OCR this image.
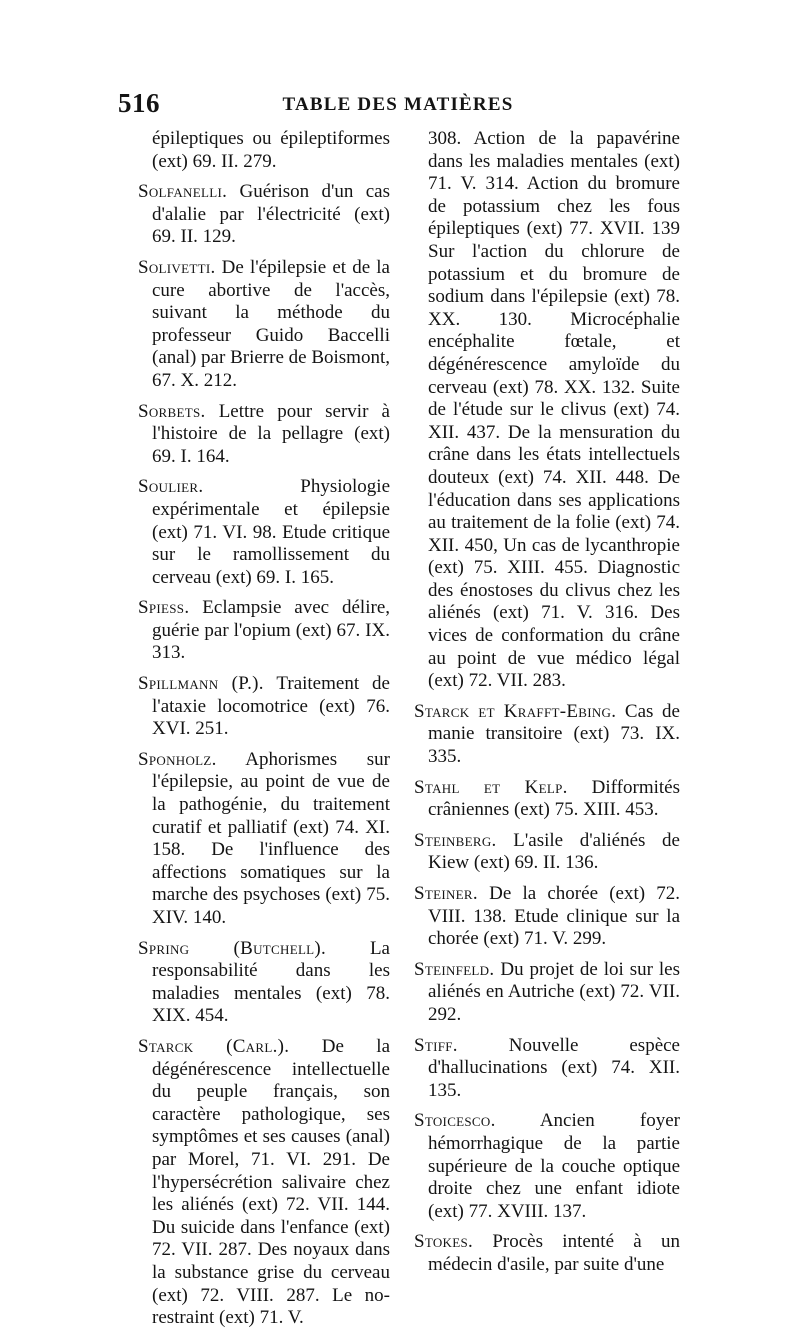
516	TABLE DES MATIÈRES

épileptiques ou épileptiformes (ext) 69. II. 279.

Solfanelli. Guérison d'un cas d'alalie par l'électricité (ext) 69. II. 129.

Solivetti. De l'épilepsie et de la cure abortive de l'accès, suivant la méthode du professeur Guido Baccelli (anal) par Brierre de Boismont, 67. X. 212.

Sorbets. Lettre pour servir à l'histoire de la pellagre (ext) 69. I. 164.

Soulier. Physiologie expérimentale et épilepsie (ext) 71. VI. 98. Etude critique sur le ramollissement du cerveau (ext) 69. I. 165.

Spiess. Eclampsie avec délire, guérie par l'opium (ext) 67. IX. 313.

Spillmann (P.). Traitement de l'ataxie locomotrice (ext) 76. XVI. 251.

Sponholz. Aphorismes sur l'épilepsie, au point de vue de la pathogénie, du traitement curatif et palliatif (ext) 74. XI. 158. De l'influence des affections somatiques sur la marche des psychoses (ext) 75. XIV. 140.

Spring (Butchell). La responsabilité dans les maladies mentales (ext) 78. XIX. 454.

Starck (Carl.). De la dégénérescence intellectuelle du peuple français, son caractère pathologique, ses symptômes et ses causes (anal) par Morel, 71. VI. 291. De l'hypersécrétion salivaire chez les aliénés (ext) 72. VII. 144. Du suicide dans l'enfance (ext) 72. VII. 287. Des noyaux dans la substance grise du cerveau (ext) 72. VIII. 287. Le no-restraint (ext) 71. V.

308. Action de la papavérine dans les maladies mentales (ext) 71. V. 314. Action du bromure de potassium chez les fous épileptiques (ext) 77. XVII. 139 Sur l'action du chlorure de potassium et du bromure de sodium dans l'épilepsie (ext) 78. XX. 130. Microcéphalie encéphalite fœtale, et dégénérescence amyloïde du cerveau (ext) 78. XX. 132. Suite de l'étude sur le clivus (ext) 74. XII. 437. De la mensuration du crâne dans les états intellectuels douteux (ext) 74. XII. 448. De l'éducation dans ses applications au traitement de la folie (ext) 74. XII. 450, Un cas de lycanthropie (ext) 75. XIII. 455. Diagnostic des énostoses du clivus chez les aliénés (ext) 71. V. 316. Des vices de conformation du crâne au point de vue médico légal (ext) 72. VII. 283.

Starck et Krafft-Ebing. Cas de manie transitoire (ext) 73. IX. 335.

Stahl et Kelp. Difformités crâniennes (ext) 75. XIII. 453.

Steinberg. L'asile d'aliénés de Kiew (ext) 69. II. 136.

Steiner. De la chorée (ext) 72. VIII. 138. Etude clinique sur la chorée (ext) 71. V. 299.

Steinfeld. Du projet de loi sur les aliénés en Autriche (ext) 72. VII. 292.

Stiff. Nouvelle espèce d'hallucinations (ext) 74. XII. 135.

Stoicesco. Ancien foyer hémorrhagique de la partie supérieure de la couche optique droite chez une enfant idiote (ext) 77. XVIII. 137.

Stokes. Procès intenté à un médecin d'asile, par suite d'une
